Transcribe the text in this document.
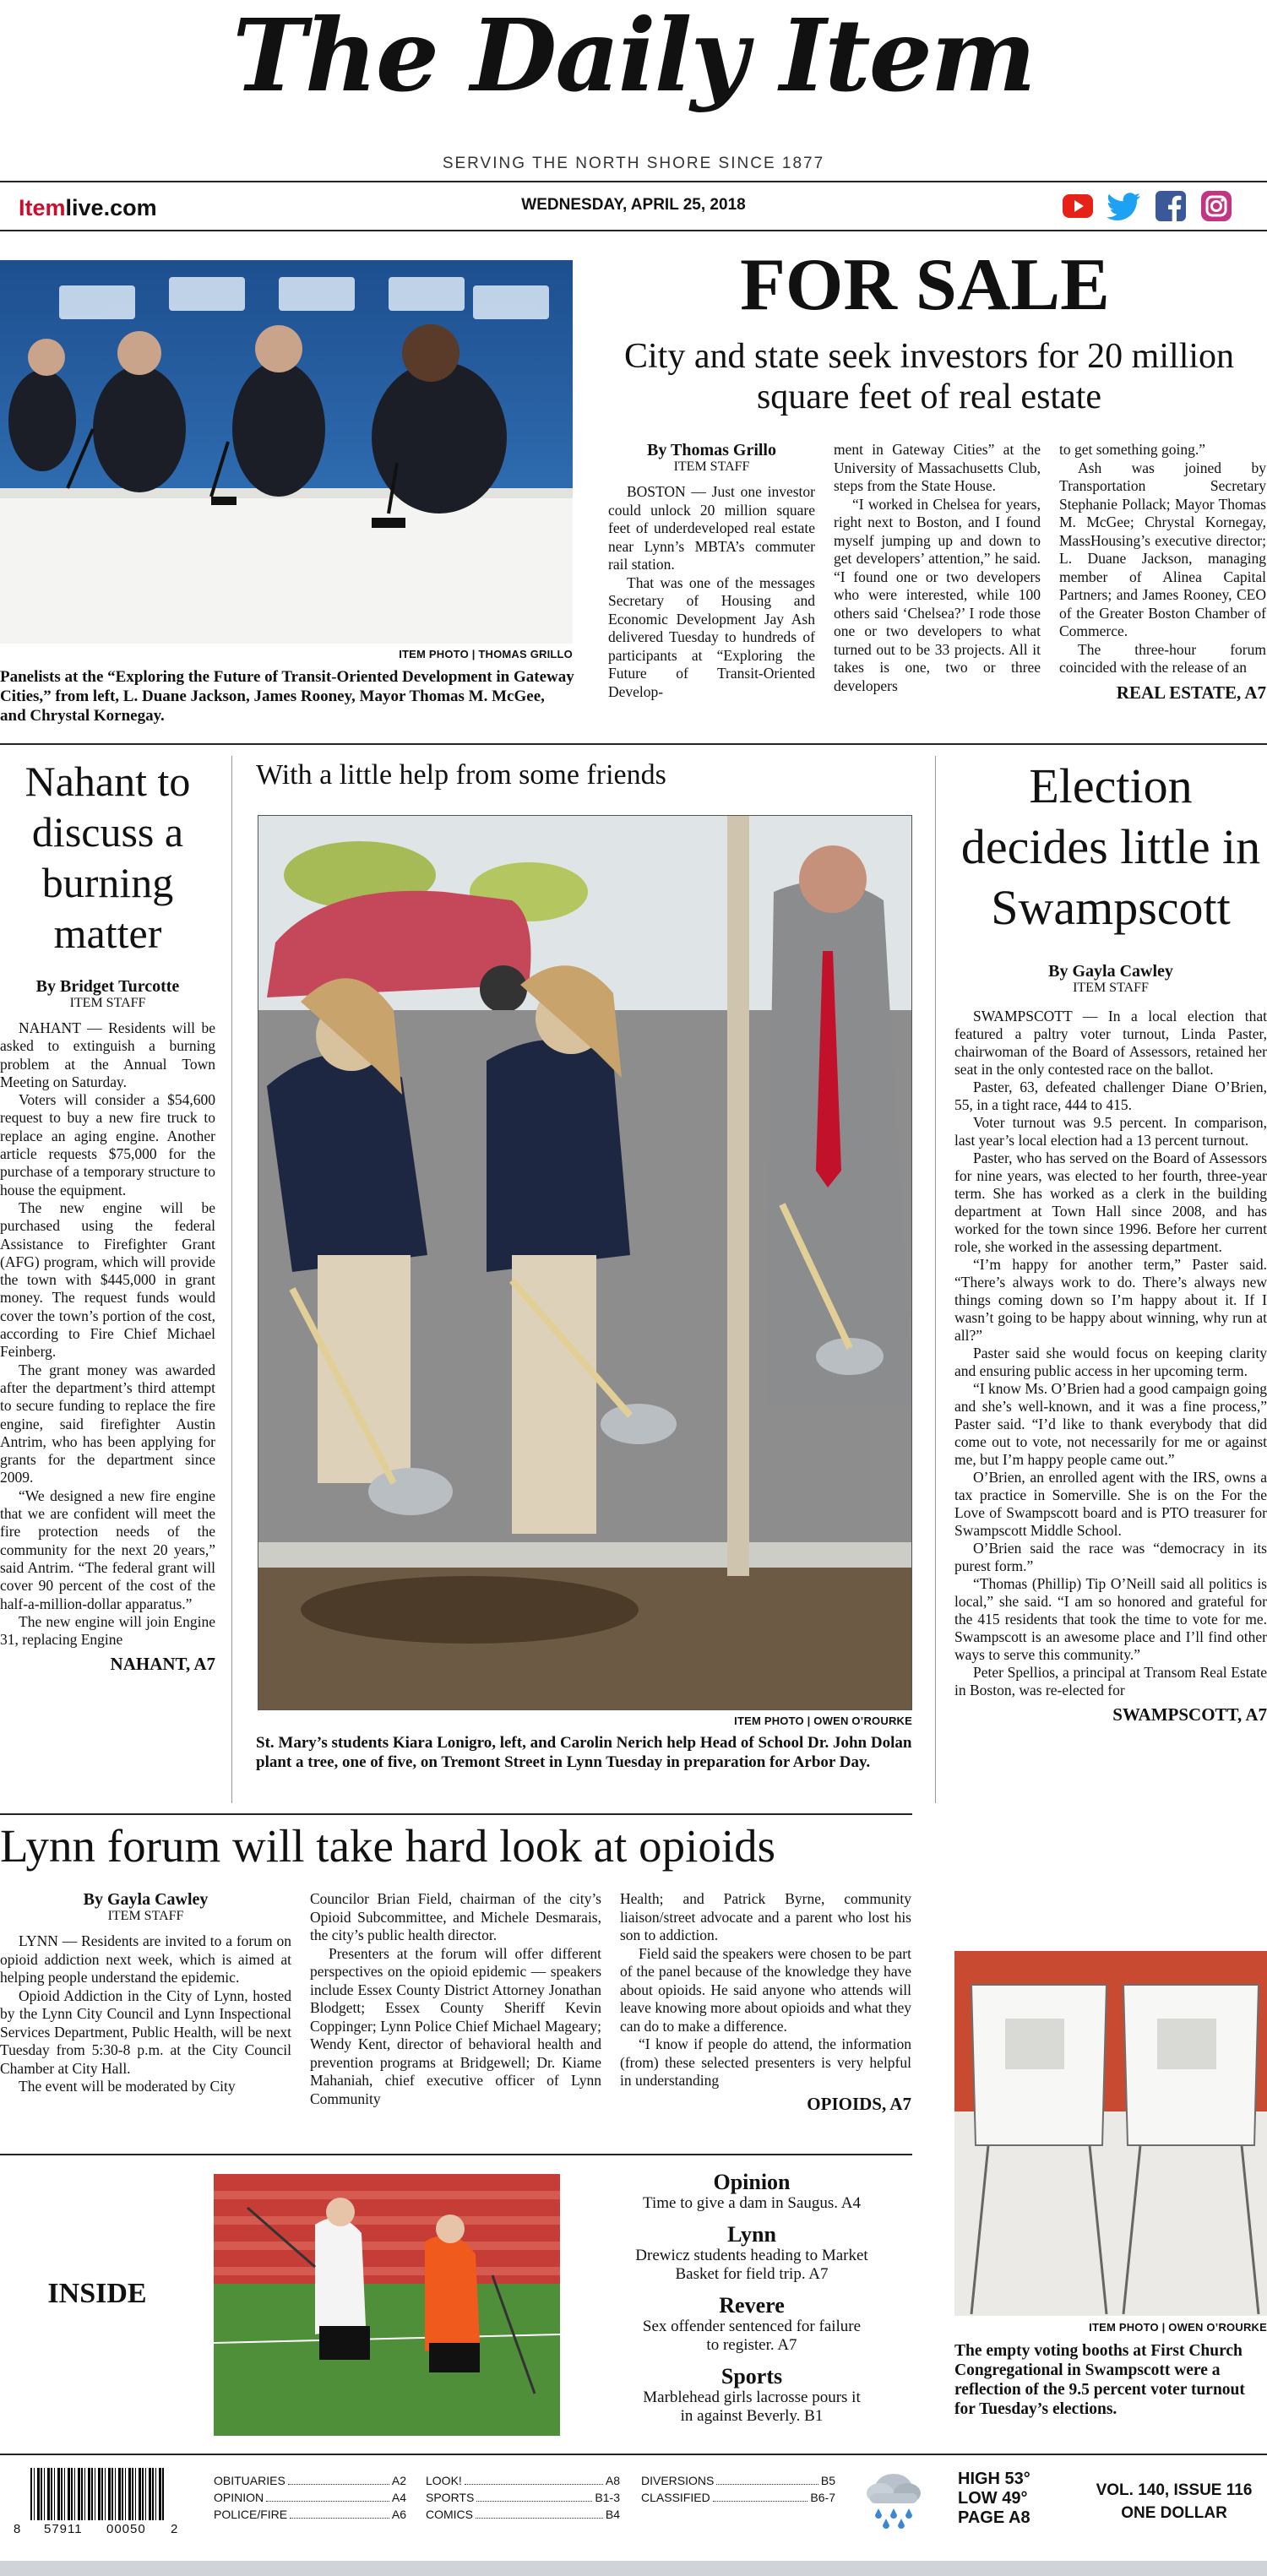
The Daily Item
SERVING THE NORTH SHORE SINCE 1877
Itemlive.com	WEDNESDAY, APRIL 25, 2018
ITEM PHOTO | THOMAS GRILLO
Panelists at the “Exploring the Future of Transit-Oriented Development in Gateway Cities,” from left, L. Duane Jackson, James Rooney, Mayor Thomas M. McGee, and Chrystal Kornegay.
FOR SALE
City and state seek investors for 20 million square feet of real estate
By Thomas Grillo
ITEM STAFF

BOSTON — Just one investor could unlock 20 million square feet of underdeveloped real estate near Lynn’s MBTA’s commuter rail station.

That was one of the messages Secretary of Housing and Economic Development Jay Ash delivered Tuesday to hundreds of participants at “Exploring the Future of Transit-Oriented Develop-

ment in Gateway Cities” at the University of Massachusetts Club, steps from the State House.

“I worked in Chelsea for years, right next to Boston, and I found myself jumping up and down to get developers’ attention,” he said. “I found one or two developers who were interested, while 100 others said ‘Chelsea?’ I rode those one or two developers to what turned out to be 33 projects. All it takes is one, two or three developers

to get something going.”

Ash was joined by Transportation Secretary Stephanie Pollack; Mayor Thomas M. McGee; Chrystal Kornegay, MassHousing’s executive director; L. Duane Jackson, managing member of Alinea Capital Partners; and James Rooney, CEO of the Greater Boston Chamber of Commerce.

The three-hour forum coincided with the release of an

REAL ESTATE, A7
Nahant to discuss a burning matter
By Bridget Turcotte
ITEM STAFF

NAHANT — Residents will be asked to extinguish a burning problem at the Annual Town Meeting on Saturday.

Voters will consider a $54,600 request to buy a new fire truck to replace an aging engine. Another article requests $75,000 for the purchase of a temporary structure to house the equipment.

The new engine will be purchased using the federal Assistance to Firefighter Grant (AFG) program, which will provide the town with $445,000 in grant money. The request funds would cover the town’s portion of the cost, according to Fire Chief Michael Feinberg.

The grant money was awarded after the department’s third attempt to secure funding to replace the fire engine, said firefighter Austin Antrim, who has been applying for grants for the department since 2009.

“We designed a new fire engine that we are confident will meet the fire protection needs of the community for the next 20 years,” said Antrim. “The federal grant will cover 90 percent of the cost of the half-a-million-dollar apparatus.”

The new engine will join Engine 31, replacing Engine

NAHANT, A7
With a little help from some friends
ITEM PHOTO | OWEN O’ROURKE
St. Mary’s students Kiara Lonigro, left, and Carolin Nerich help Head of School Dr. John Dolan plant a tree, one of five, on Tremont Street in Lynn Tuesday in preparation for Arbor Day.
Election decides little in Swampscott
By Gayla Cawley
ITEM STAFF

SWAMPSCOTT — In a local election that featured a paltry voter turnout, Linda Paster, chairwoman of the Board of Assessors, retained her seat in the only contested race on the ballot.

Paster, 63, defeated challenger Diane O’Brien, 55, in a tight race, 444 to 415.

Voter turnout was 9.5 percent. In comparison, last year’s local election had a 13 percent turnout.

Paster, who has served on the Board of Assessors for nine years, was elected to her fourth, three-year term. She has worked as a clerk in the building department at Town Hall since 2008, and has worked for the town since 1996. Before her current role, she worked in the assessing department.

“I’m happy for another term,” Paster said. “There’s always work to do. There’s always new things coming down so I’m happy about it. If I wasn’t going to be happy about winning, why run at all?”

Paster said she would focus on keeping clarity and ensuring public access in her upcoming term.

“I know Ms. O’Brien had a good campaign going and she’s well-known, and it was a fine process,” Paster said. “I’d like to thank everybody that did come out to vote, not necessarily for me or against me, but I’m happy people came out.”

O’Brien, an enrolled agent with the IRS, owns a tax practice in Somerville. She is on the For the Love of Swampscott board and is PTO treasurer for Swampscott Middle School.

O’Brien said the race was “democracy in its purest form.”

“Thomas (Phillip) Tip O’Neill said all politics is local,” she said. “I am so honored and grateful for the 415 residents that took the time to vote for me. Swampscott is an awesome place and I’ll find other ways to serve this community.”

Peter Spellios, a principal at Transom Real Estate in Boston, was re-elected for

SWAMPSCOTT, A7
ITEM PHOTO | OWEN O’ROURKE
The empty voting booths at First Church Congregational in Swampscott were a reflection of the 9.5 percent voter turnout for Tuesday’s elections.
Lynn forum will take hard look at opioids
By Gayla Cawley
ITEM STAFF

LYNN — Residents are invited to a forum on opioid addiction next week, which is aimed at helping people understand the epidemic.

Opioid Addiction in the City of Lynn, hosted by the Lynn City Council and Lynn Inspectional Services Department, Public Health, will be next Tuesday from 5:30-8 p.m. at the City Council Chamber at City Hall.

The event will be moderated by City

Councilor Brian Field, chairman of the city’s Opioid Subcommittee, and Michele Desmarais, the city’s public health director.

Presenters at the forum will offer different perspectives on the opioid epidemic — speakers include Essex County District Attorney Jonathan Blodgett; Essex County Sheriff Kevin Coppinger; Lynn Police Chief Michael Mageary; Wendy Kent, director of behavioral health and prevention programs at Bridgewell; Dr. Kiame Mahaniah, chief executive officer of Lynn Community

Health; and Patrick Byrne, community liaison/street advocate and a parent who lost his son to addiction.

Field said the speakers were chosen to be part of the panel because of the knowledge they have about opioids. He said anyone who attends will leave knowing more about opioids and what they can do to make a difference.

“I know if people do attend, the information (from) these selected presenters is very helpful in understanding

OPIOIDS, A7
INSIDE
Opinion
Time to give a dam in Saugus. A4
Lynn
Drewicz students heading to Market Basket for field trip. A7
Revere
Sex offender sentenced for failure to register. A7
Sports
Marblehead girls lacrosse pours it in against Beverly. B1
8 57911 00050 2
OBITUARIES	A2
OPINION	A4
POLICE/FIRE	A6
LOOK!	A8
SPORTS	B1-3
COMICS	B4
DIVERSIONS	B5
CLASSIFIED	B6-7
HIGH 53°
LOW 49°
PAGE A8
VOL. 140, ISSUE 116
ONE DOLLAR
